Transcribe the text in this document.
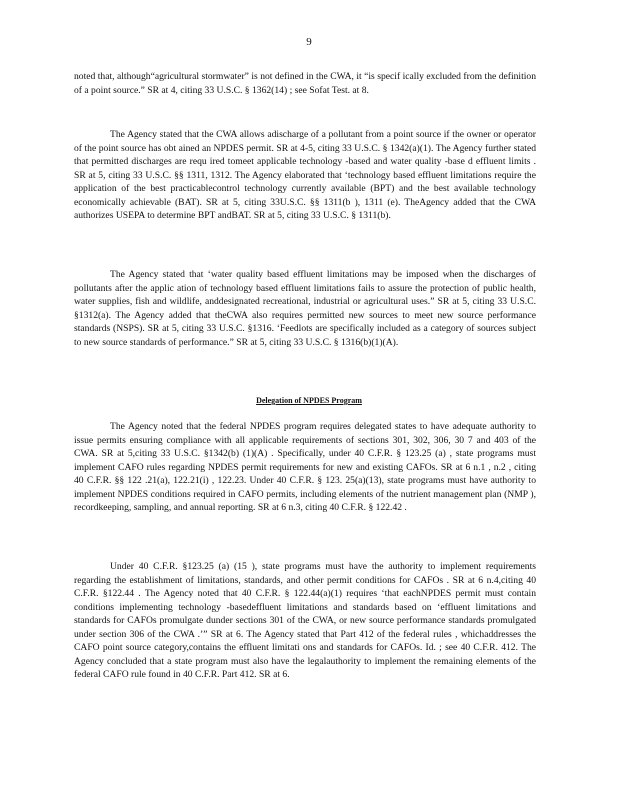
9

noted that, although“agricultural stormwater” is not defined in the CWA, it “is specif ically excluded from the definition of a point source.” SR at 4, citing 33 U.S.C. § 1362(14) ; see Sofat Test. at 8.

The Agency stated that the CWA allows adischarge of a pollutant from a point source if the owner or operator of the point source has obt ained an NPDES permit. SR at 4-5, citing 33 U.S.C. § 1342(a)(1). The Agency further stated that permitted discharges are requ ired tomeet applicable technology -based and water quality -base d effluent limits . SR at 5, citing 33 U.S.C. §§ 1311, 1312. The Agency elaborated that ‘technology based effluent limitations require the application of the best practicablecontrol technology currently available (BPT) and the best available technology economically achievable (BAT). SR at 5, citing 33U.S.C. §§ 1311(b ), 1311 (e). TheAgency added that the CWA authorizes USEPA to determine BPT andBAT. SR at 5, citing 33 U.S.C. § 1311(b).

The Agency stated that ‘water quality based effluent limitations may be imposed when the discharges of pollutants after the applic ation of technology based effluent limitations fails to assure the protection of public health, water supplies, fish and wildlife, anddesignated recreational, industrial or agricultural uses.” SR at 5, citing 33 U.S.C. §1312(a). The Agency added that theCWA also requires permitted new sources to meet new source performance standards (NSPS). SR at 5, citing 33 U.S.C. §1316. ‘Feedlots are specifically included as a category of sources subject to new source standards of performance.” SR at 5, citing 33 U.S.C. § 1316(b)(1)(A).

Delegation of NPDES Program

The Agency noted that the federal NPDES program requires delegated states to have adequate authority to issue permits ensuring compliance with all applicable requirements of sections 301, 302, 306, 30 7 and 403 of the CWA. SR at 5,citing 33 U.S.C. §1342(b) (1)(A) . Specifically, under 40 C.F.R. § 123.25 (a) , state programs must implement CAFO rules regarding NPDES permit requirements for new and existing CAFOs. SR at 6 n.1 , n.2 , citing 40 C.F.R. §§ 122 .21(a), 122.21(i) , 122.23. Under 40 C.F.R. § 123. 25(a)(13), state programs must have authority to implement NPDES conditions required in CAFO permits, including elements of the nutrient management plan (NMP ), recordkeeping, sampling, and annual reporting. SR at 6 n.3, citing 40 C.F.R. § 122.42 .

Under 40 C.F.R. §123.25 (a) (15 ), state programs must have the authority to implement requirements regarding the establishment of limitations, standards, and other permit conditions for CAFOs . SR at 6 n.4,citing 40 C.F.R. §122.44 . The Agency noted that 40 C.F.R. § 122.44(a)(1) requires ‘that eachNPDES permit must contain conditions implementing technology -basedeffluent limitations and standards based on ‘effluent limitations and standards for CAFOs promulgate dunder sections 301 of the CWA, or new source performance standards promulgated under section 306 of the CWA .’” SR at 6. The Agency stated that Part 412 of the federal rules , whichaddresses the CAFO point source category,contains the effluent limitati ons and standards for CAFOs. Id. ; see 40 C.F.R. 412. The Agency concluded that a state program must also have the legalauthority to implement the remaining elements of the federal CAFO rule found in 40 C.F.R. Part 412. SR at 6.
